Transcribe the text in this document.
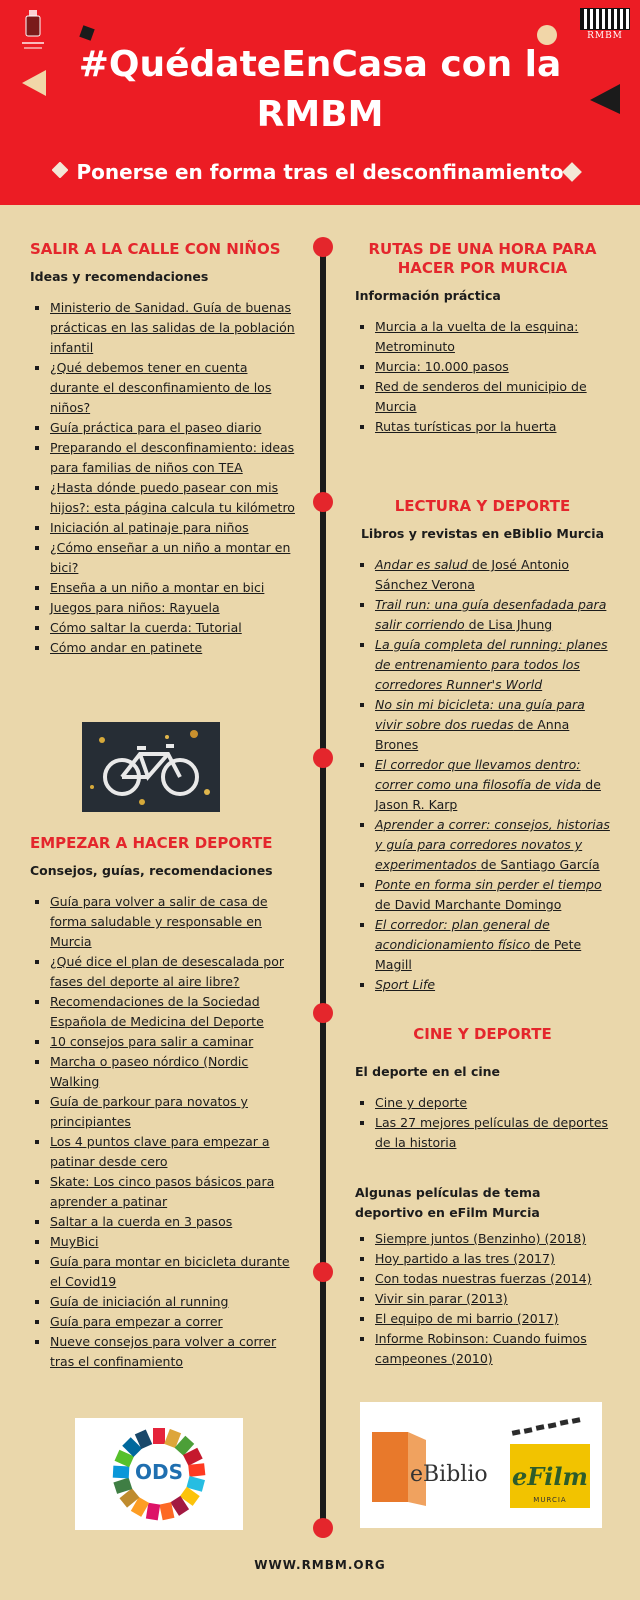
RMBM
#QuédateEnCasa con la RMBM

Ponerse en forma tras el desconfinamiento

SALIR A LA CALLE CON NIÑOS

Ideas y recomendaciones

▪ Ministerio de Sanidad. Guía de buenas prácticas en las salidas de la población infantil
▪ ¿Qué debemos tener en cuenta durante el desconfinamiento de los niños?
▪ Guía práctica para el paseo diario
▪ Preparando el desconfinamiento: ideas para familias de niños con TEA
▪ ¿Hasta dónde puedo pasear con mis hijos?: esta página calcula tu kilómetro
▪ Iniciación al patinaje para niños
▪ ¿Cómo enseñar a un niño a montar en bici?
▪ Enseña a un niño a montar en bici
▪ Juegos para niños: Rayuela
▪ Cómo saltar la cuerda: Tutorial
▪ Cómo andar en patinete
EMPEZAR A HACER DEPORTE

Consejos, guías, recomendaciones

▪ Guía para volver a salir de casa de forma saludable y responsable en Murcia
▪ ¿Qué dice el plan de desescalada por fases del deporte al aire libre?
▪ Recomendaciones de la Sociedad Española de Medicina del Deporte
▪ 10 consejos para salir a caminar
▪ Marcha o paseo nórdico (Nordic Walking
▪ Guía de parkour para novatos y principiantes
▪ Los 4 puntos clave para empezar a patinar desde cero
▪ Skate: Los cinco pasos básicos para aprender a patinar
▪ Saltar a la cuerda en 3 pasos
▪ MuyBici
▪ Guía para montar en bicicleta durante el Covid19
▪ Guía de iniciación al running
▪ Guía para empezar a correr
▪ Nueve consejos para volver a correr tras el confinamiento
ODS
RUTAS DE UNA HORA PARA HACER POR MURCIA

Información práctica

▪ Murcia a la vuelta de la esquina: Metrominuto
▪ Murcia: 10.000 pasos
▪ Red de senderos del municipio de Murcia
▪ Rutas turísticas por la huerta
LECTURA Y DEPORTE

Libros y revistas en eBiblio Murcia

▪ Andar es salud de José Antonio Sánchez Verona
▪ Trail run: una guía desenfadada para salir corriendo de Lisa Jhung
▪ La guía completa del running: planes de entrenamiento para todos los corredores Runner's World
▪ No sin mi bicicleta: una guía para vivir sobre dos ruedas de Anna Brones
▪ El corredor que llevamos dentro: correr como una filosofía de vida de Jason R. Karp
▪ Aprender a correr: consejos, historias y guía para corredores novatos y experimentados de Santiago García
▪ Ponte en forma sin perder el tiempo de David Marchante Domingo
▪ El corredor: plan general de acondicionamiento físico de Pete Magill
▪ Sport Life
CINE Y DEPORTE

El deporte en el cine

▪ Cine y deporte
▪ Las 27 mejores películas de deportes de la historia

Algunas películas de tema deportivo en eFilm Murcia

▪ Siempre juntos (Benzinho) (2018)
▪ Hoy partido a las tres (2017)
▪ Con todas nuestras fuerzas (2014)
▪ Vivir sin parar (2013)
▪ El equipo de mi barrio (2017)
▪ Informe Robinson: Cuando fuimos campeones (2010)
eBiblio eFilm
MURCIA
WWW.RMBM.ORG
